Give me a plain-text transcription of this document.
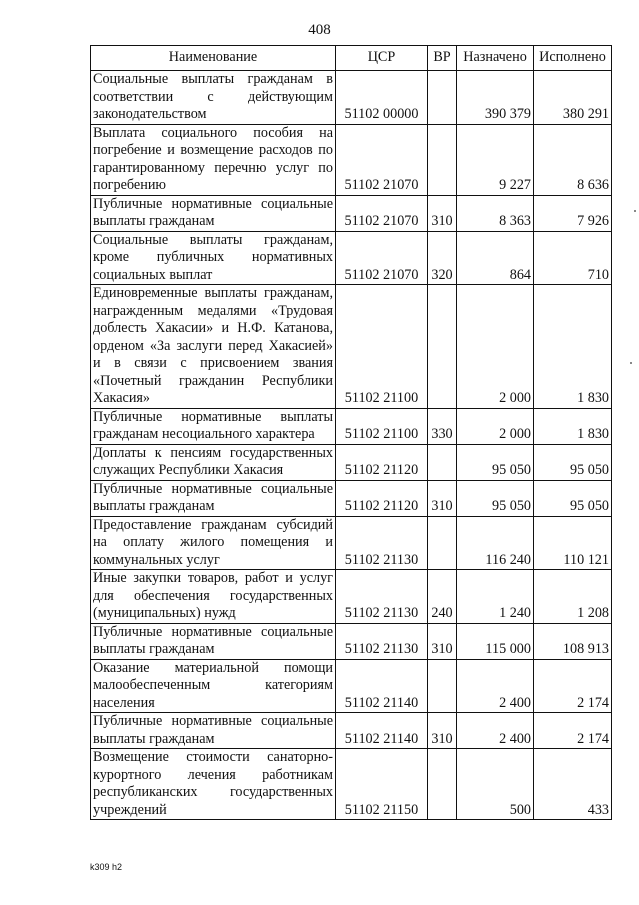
408
Наименование	ЦСР	ВР	Назначено	Исполнено
Социальные выплаты гражданам в соответствии с действующим законодательством	51102 00000		390 379	380 291
Выплата социального пособия на погребение и возмещение расходов по гарантированному перечню услуг по погребению	51102 21070		9 227	8 636
Публичные нормативные социальные выплаты гражданам	51102 21070	310	8 363	7 926
Социальные выплаты гражданам, кроме публичных нормативных социальных выплат	51102 21070	320	864	710
Единовременные выплаты гражданам, награжденным медалями «Трудовая доблесть Хакасии» и Н.Ф. Катанова, орденом «За заслуги перед Хакасией» и в связи с присвоением звания «Почетный гражданин Республики Хакасия»	51102 21100		2 000	1 830
Публичные нормативные выплаты гражданам несоциального характера	51102 21100	330	2 000	1 830
Доплаты к пенсиям государственных служащих Республики Хакасия	51102 21120		95 050	95 050
Публичные нормативные социальные выплаты гражданам	51102 21120	310	95 050	95 050
Предоставление гражданам субсидий на оплату жилого помещения и коммунальных услуг	51102 21130		116 240	110 121
Иные закупки товаров, работ и услуг для обеспечения государственных (муниципальных) нужд	51102 21130	240	1 240	1 208
Публичные нормативные социальные выплаты гражданам	51102 21130	310	115 000	108 913
Оказание материальной помощи малообеспеченным категориям населения	51102 21140		2 400	2 174
Публичные нормативные социальные выплаты гражданам	51102 21140	310	2 400	2 174
Возмещение стоимости санаторно-курортного лечения работникам республиканских государственных учреждений	51102 21150		500	433
k309 h2
